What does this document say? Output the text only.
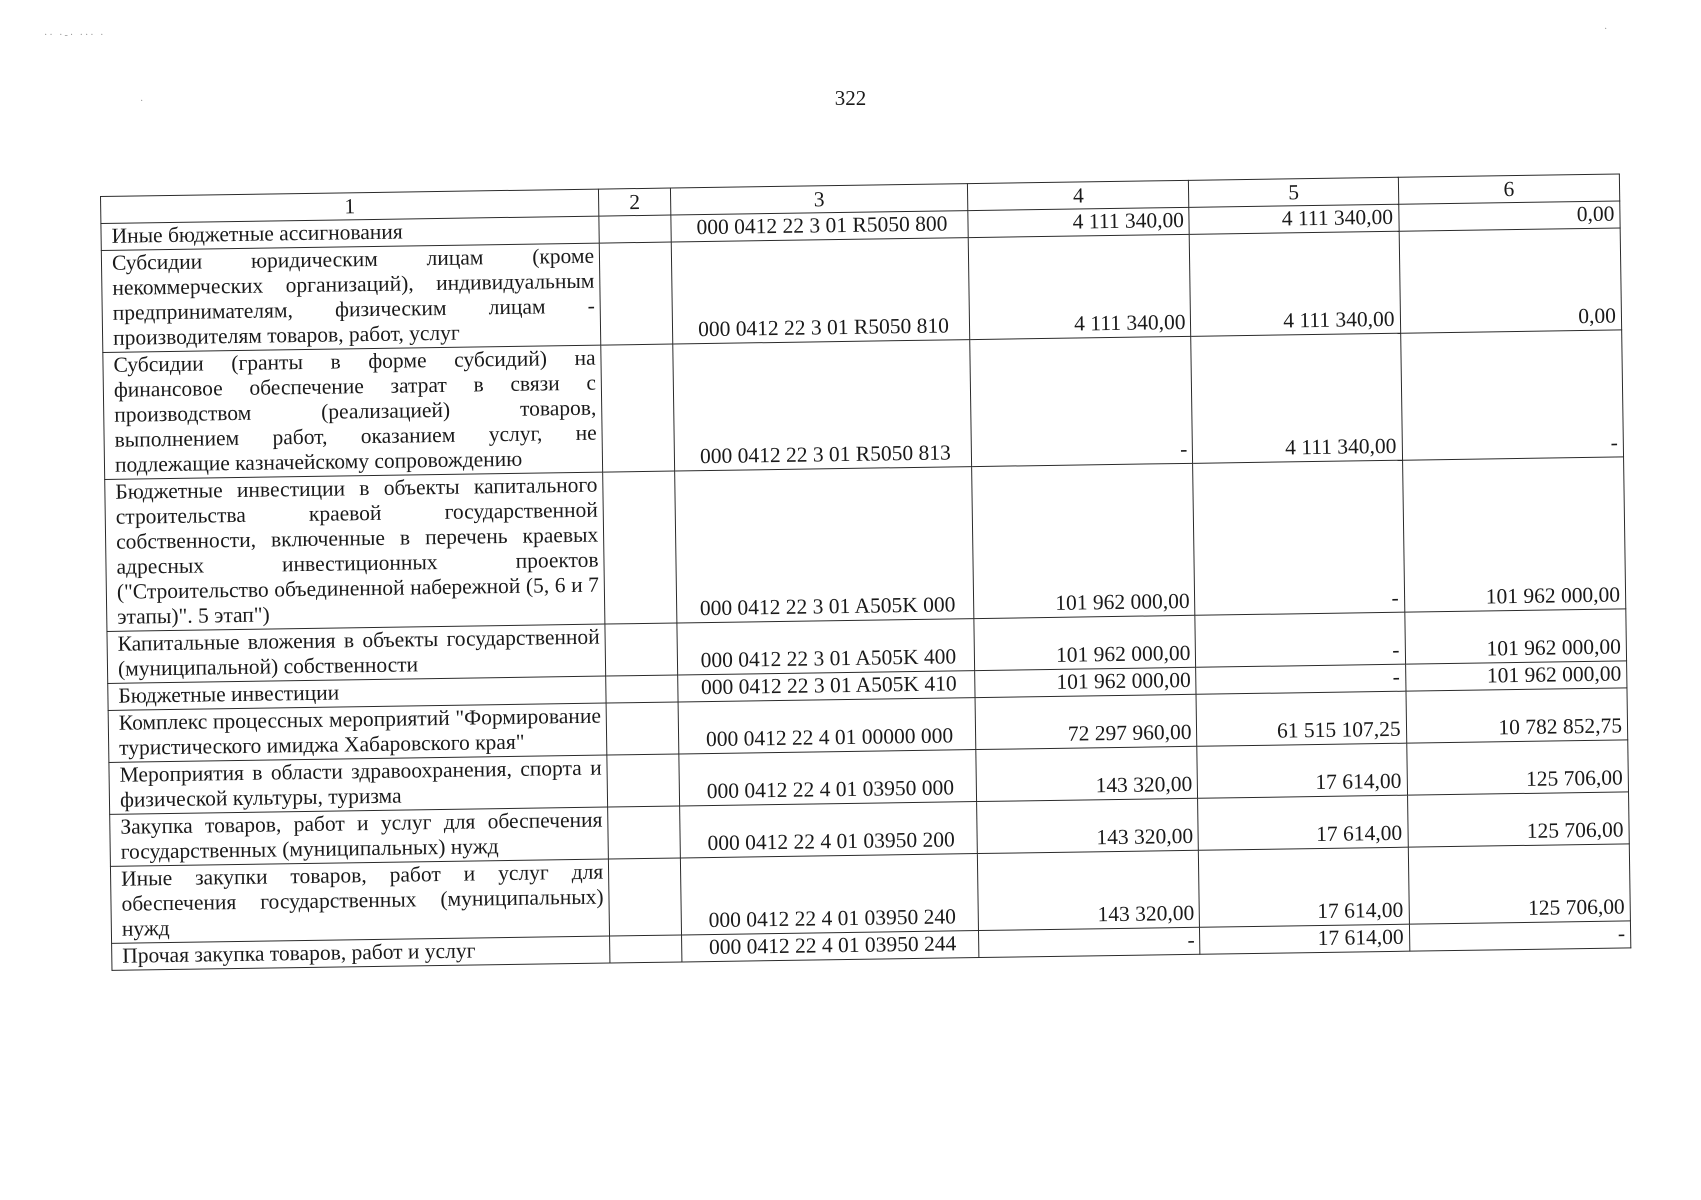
·· ·-· ··· ·
·
·
322
1	2	3	4	5	6
Иные бюджетные ассигнования		000 0412 22 3 01 R5050 800	4 111 340,00	4 111 340,00	0,00
Субсидии юридическим лицам (кроме некоммерческих организаций), индивидуальным предпринимателям, физическим лицам - производителям товаров, работ, услуг		000 0412 22 3 01 R5050 810	4 111 340,00	4 111 340,00	0,00
Субсидии (гранты в форме субсидий) на финансовое обеспечение затрат в связи с производством (реализацией) товаров, выполнением работ, оказанием услуг, не подлежащие казначейскому сопровождению		000 0412 22 3 01 R5050 813	-	4 111 340,00	-
Бюджетные инвестиции в объекты капитального строительства краевой государственной собственности, включенные в перечень краевых адресных инвестиционных проектов ("Строительство объединенной набережной (5, 6 и 7 этапы)". 5 этап")		000 0412 22 3 01 A505K 000	101 962 000,00	-	101 962 000,00
Капитальные вложения в объекты государственной (муниципальной) собственности		000 0412 22 3 01 A505K 400	101 962 000,00	-	101 962 000,00
Бюджетные инвестиции		000 0412 22 3 01 A505K 410	101 962 000,00	-	101 962 000,00
Комплекс процессных мероприятий "Формирование туристического имиджа Хабаровского края"		000 0412 22 4 01 00000 000	72 297 960,00	61 515 107,25	10 782 852,75
Мероприятия в области здравоохранения, спорта и физической культуры, туризма		000 0412 22 4 01 03950 000	143 320,00	17 614,00	125 706,00
Закупка товаров, работ и услуг для обеспечения государственных (муниципальных) нужд		000 0412 22 4 01 03950 200	143 320,00	17 614,00	125 706,00
Иные закупки товаров, работ и услуг для обеспечения государственных (муниципальных) нужд		000 0412 22 4 01 03950 240	143 320,00	17 614,00	125 706,00
Прочая закупка товаров, работ и услуг		000 0412 22 4 01 03950 244	-	17 614,00	-
